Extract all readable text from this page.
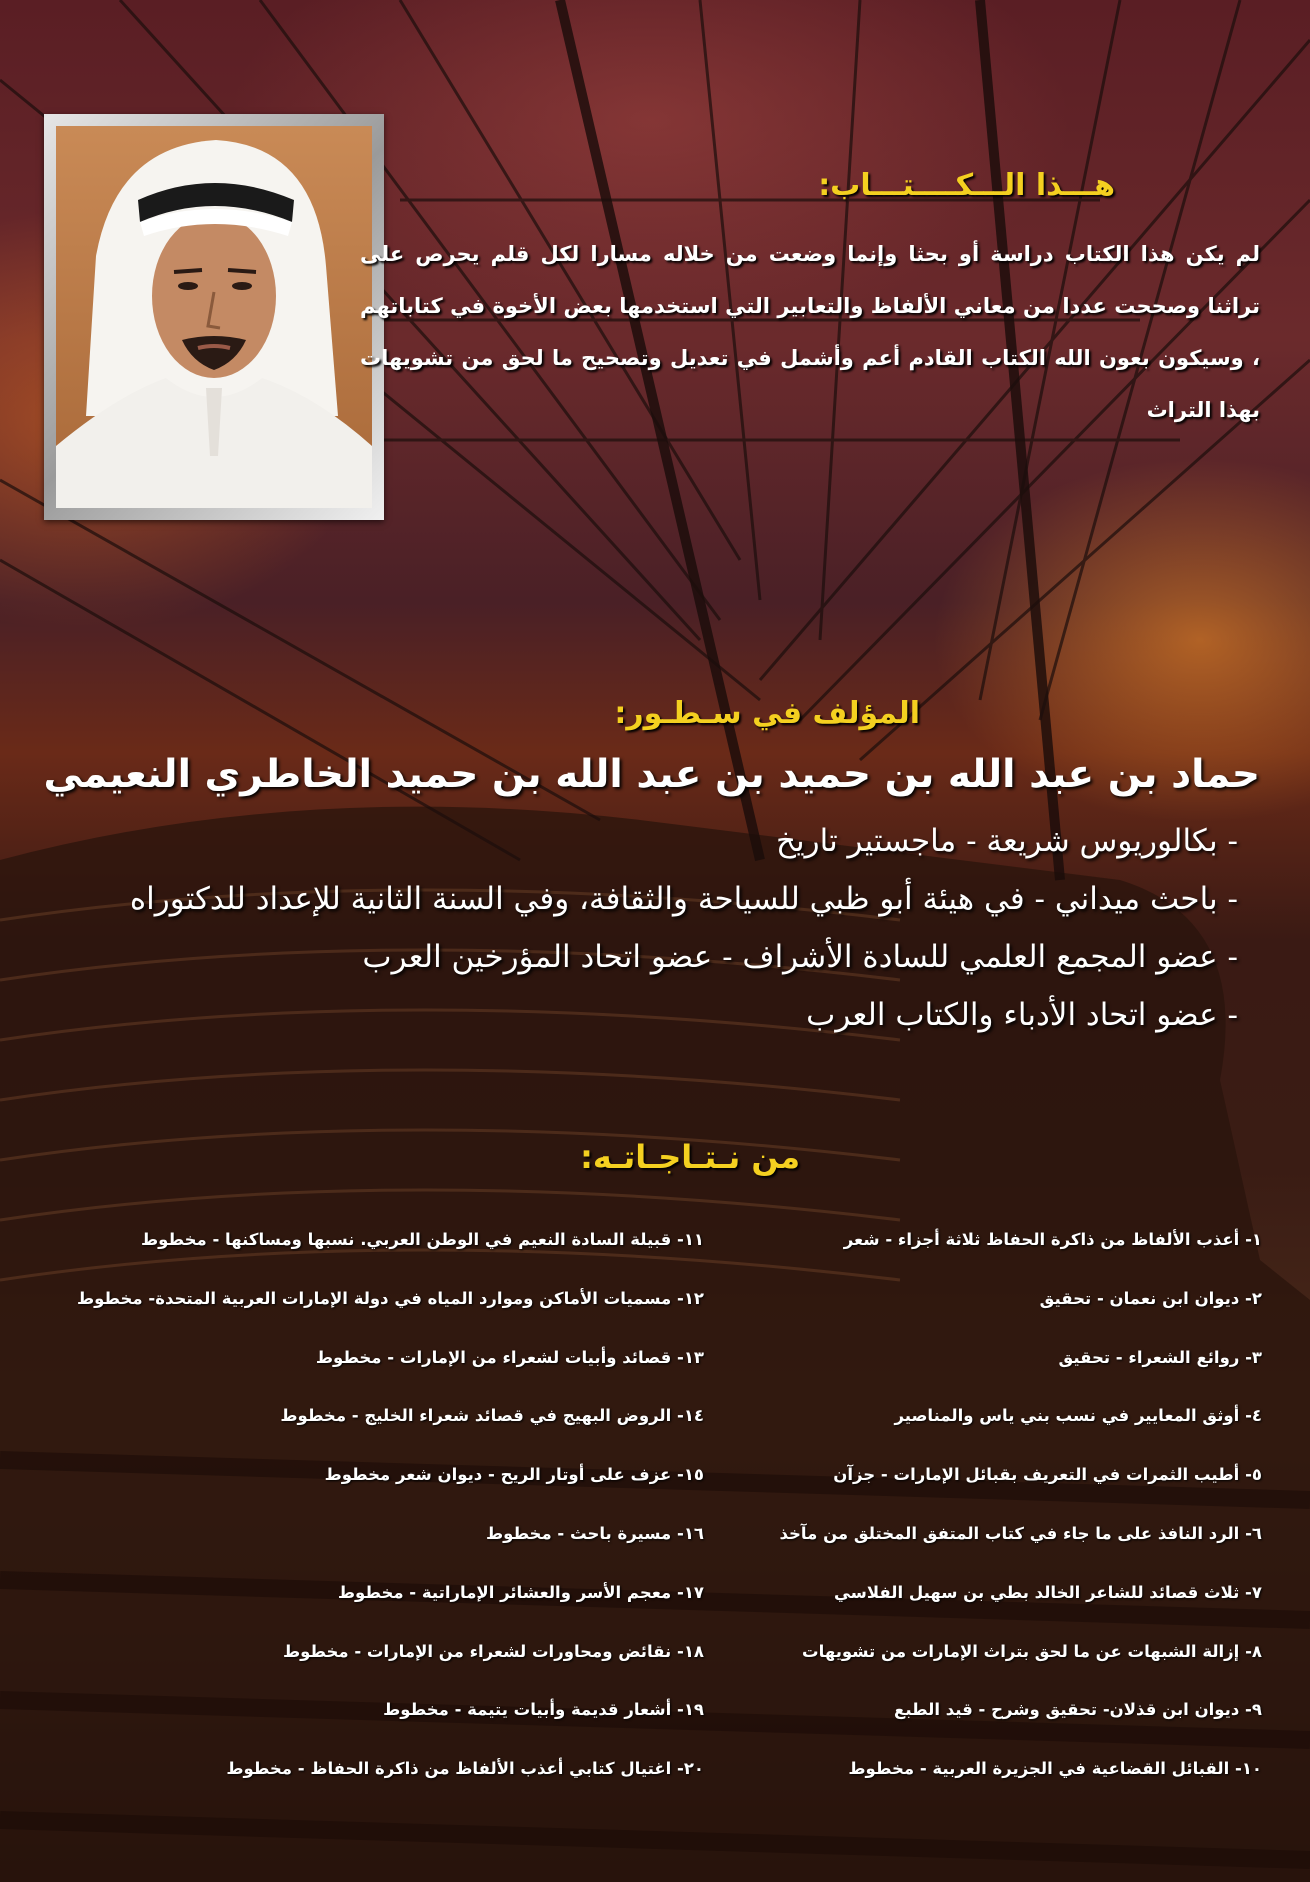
هـــذا الـــكــــتـــاب:
لم يكن هذا الكتاب دراسة أو بحثا وإنما وضعت من خلاله مسارا لكل قلم يحرص على تراثنا وصححت عددا من معاني الألفاظ والتعابير التي استخدمها بعض الأخوة في كتاباتهم ، وسيكون بعون الله الكتاب القادم أعم وأشمل في تعديل وتصحيح ما لحق من تشويهات بهذا التراث
المؤلف في سـطـور:
حماد بن عبد الله بن حميد بن عبد الله بن حميد الخاطري النعيمي
- بكالوريوس شريعة - ماجستير تاريخ
- باحث ميداني - في هيئة أبو ظبي للسياحة والثقافة، وفي السنة الثانية للإعداد للدكتوراه
- عضو المجمع العلمي للسادة الأشراف - عضو اتحاد المؤرخين العرب
- عضو اتحاد الأدباء والكتاب العرب
من نـتـاجـاتـه:
١- أعذب الألفاظ من ذاكرة الحفاظ ثلاثة أجزاء - شعر
٢- ديوان ابن نعمان - تحقيق
٣- روائع الشعراء - تحقيق
٤- أوثق المعايير في نسب بني ياس والمناصير
٥- أطيب الثمرات في التعريف بقبائل الإمارات - جزآن
٦- الرد النافذ على ما جاء في كتاب المتفق المختلق من مآخذ
٧- ثلاث قصائد للشاعر الخالد بطي بن سهيل الفلاسي
٨- إزالة الشبهات عن ما لحق بتراث الإمارات من تشويهات
٩- ديوان ابن قذلان- تحقيق وشرح - قيد الطبع
١٠- القبائل القضاعية في الجزيرة العربية - مخطوط
١١- قبيلة السادة النعيم في الوطن العربي. نسبها ومساكنها - مخطوط
١٢- مسميات الأماكن وموارد المياه في دولة الإمارات العربية المتحدة- مخطوط
١٣- قصائد وأبيات لشعراء من الإمارات - مخطوط
١٤- الروض البهيج في قصائد شعراء الخليج - مخطوط
١٥- عزف على أوتار الريح - ديوان شعر مخطوط
١٦- مسيرة باحث - مخطوط
١٧- معجم الأسر والعشائر الإماراتية - مخطوط
١٨- نقائض ومحاورات لشعراء من الإمارات - مخطوط
١٩- أشعار قديمة وأبيات يتيمة - مخطوط
٢٠- اغتيال كتابي أعذب الألفاظ من ذاكرة الحفاظ - مخطوط
